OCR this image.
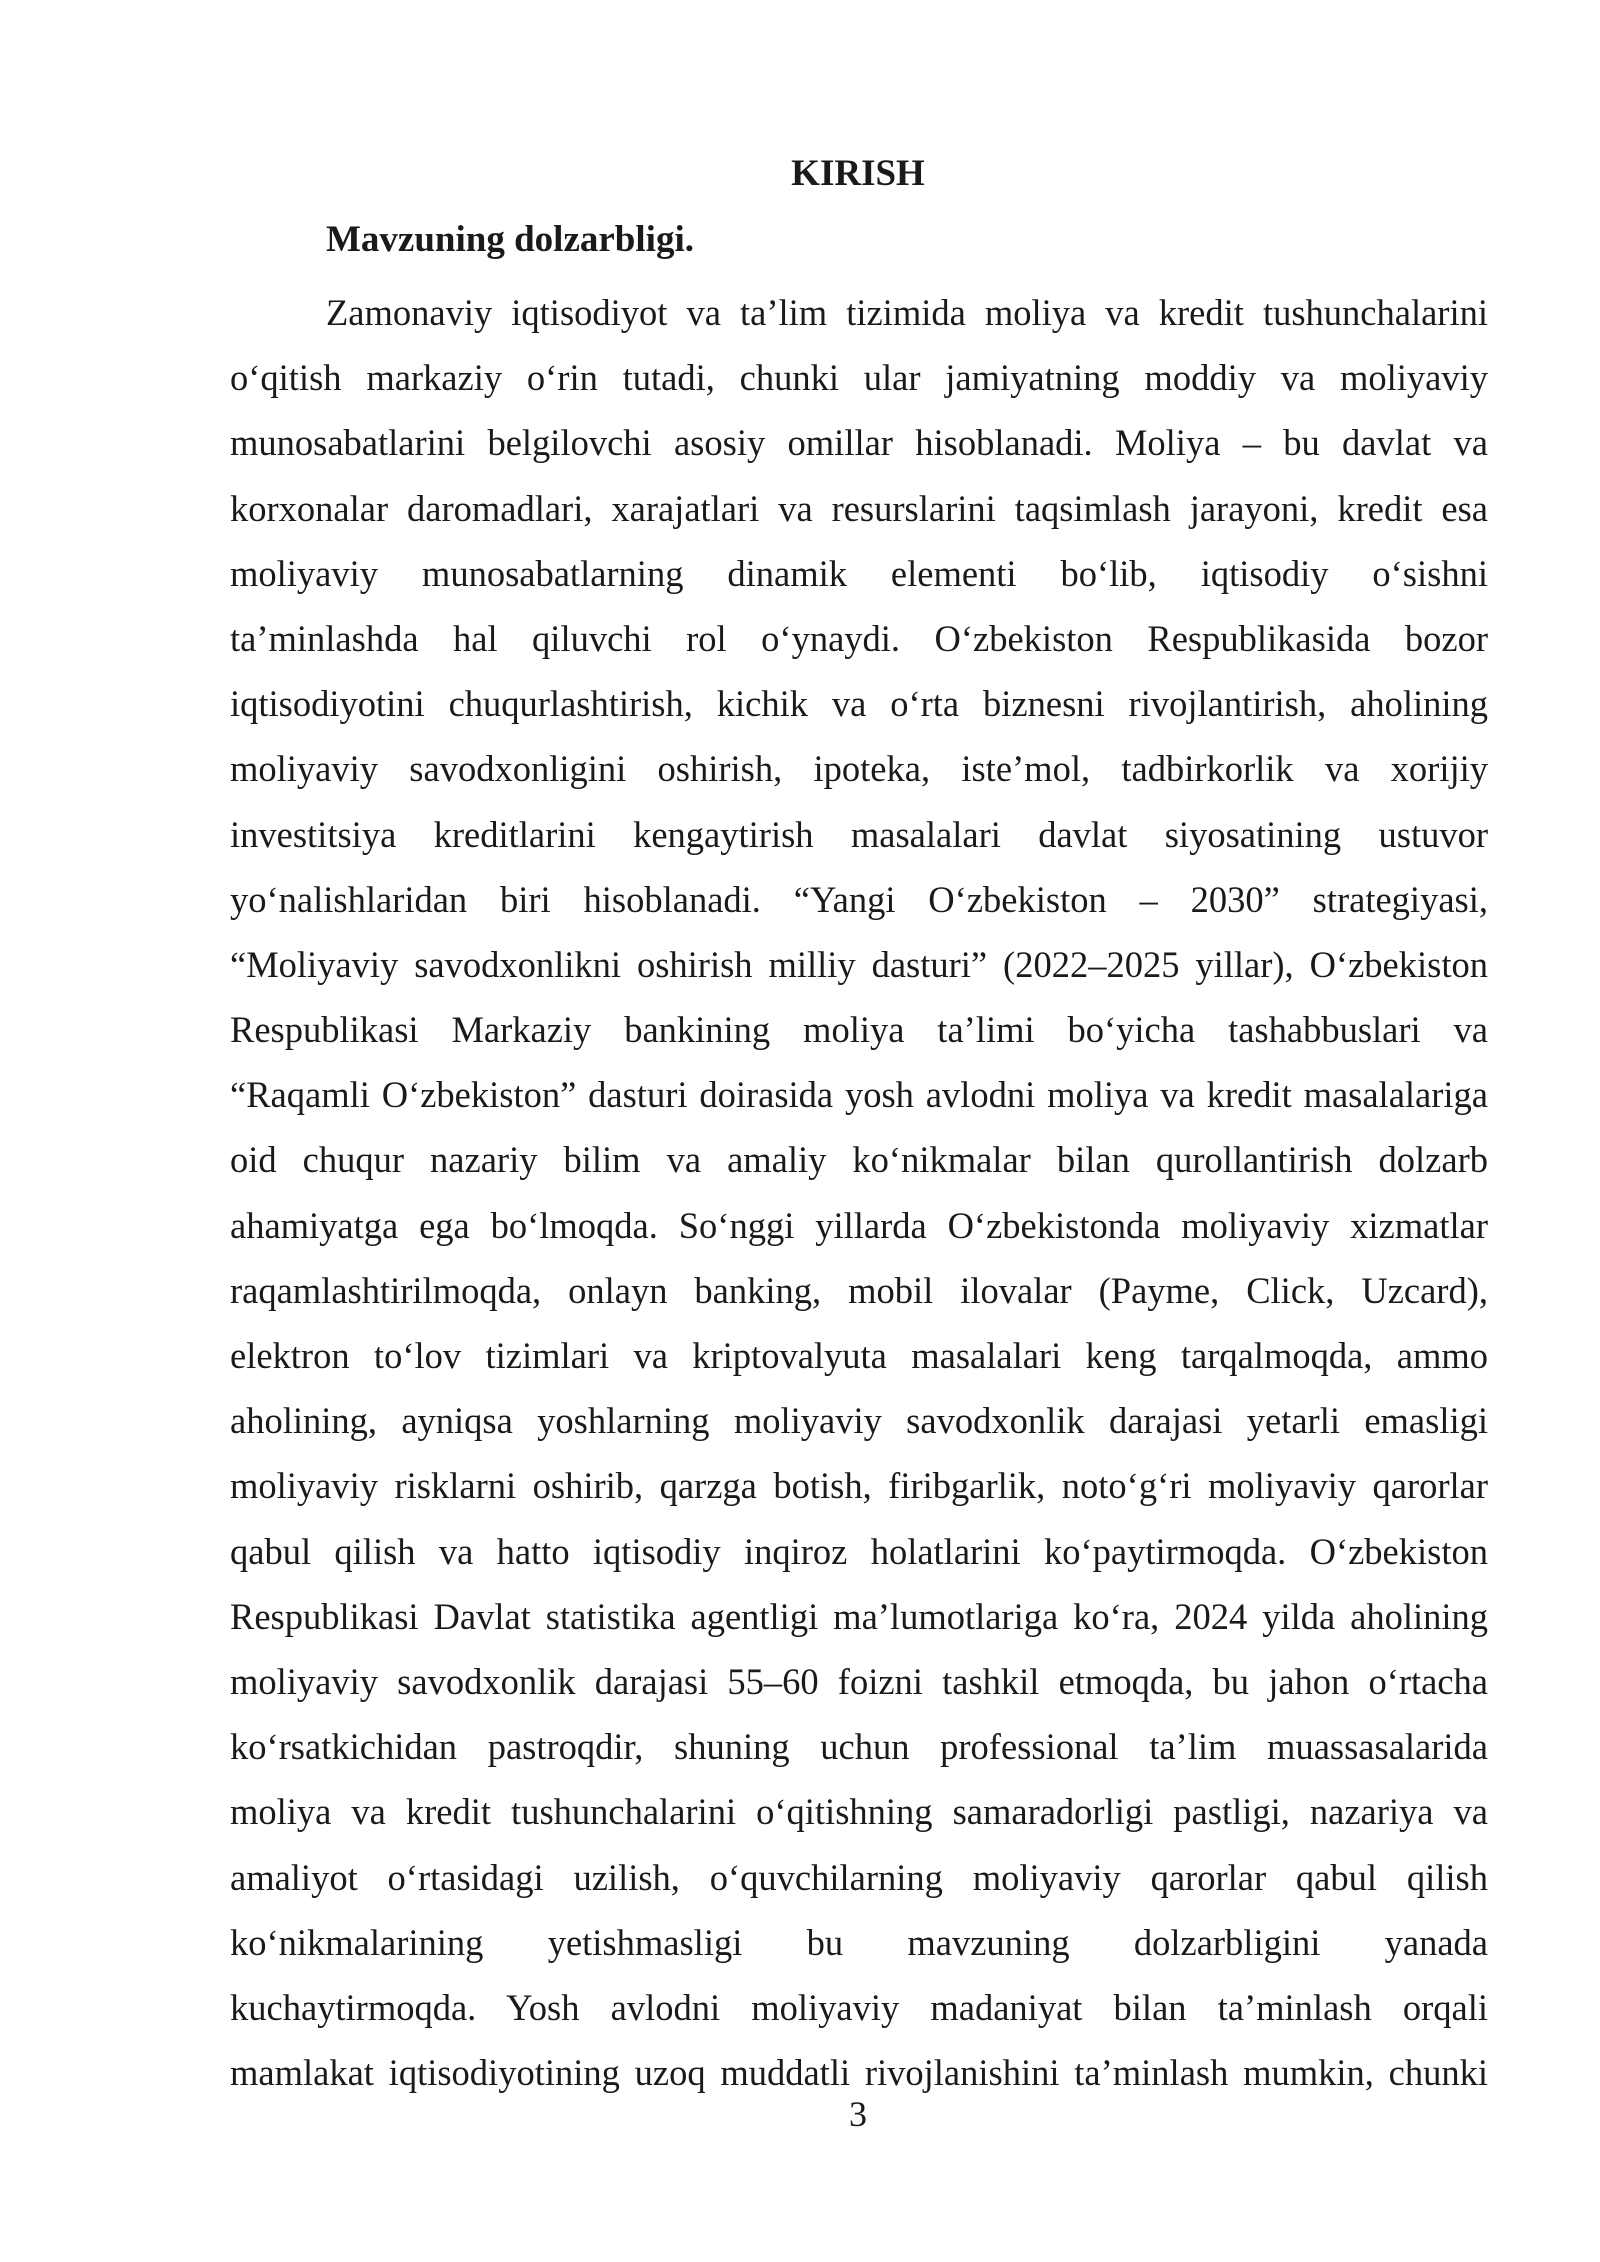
KIRISH
Mavzuning dolzarbligi.
Zamonaviy iqtisodiyot va ta’lim tizimida moliya va kredit tushunchalarini
o‘qitish markaziy o‘rin tutadi, chunki ular jamiyatning moddiy va moliyaviy
munosabatlarini belgilovchi asosiy omillar hisoblanadi. Moliya – bu davlat va
korxonalar daromadlari, xarajatlari va resurslarini taqsimlash jarayoni, kredit esa
moliyaviy munosabatlarning dinamik elementi bo‘lib, iqtisodiy o‘sishni
ta’minlashda hal qiluvchi rol o‘ynaydi. O‘zbekiston Respublikasida bozor
iqtisodiyotini chuqurlashtirish, kichik va o‘rta biznesni rivojlantirish, aholining
moliyaviy savodxonligini oshirish, ipoteka, iste’mol, tadbirkorlik va xorijiy
investitsiya kreditlarini kengaytirish masalalari davlat siyosatining ustuvor
yo‘nalishlaridan biri hisoblanadi. “Yangi O‘zbekiston – 2030” strategiyasi,
“Moliyaviy savodxonlikni oshirish milliy dasturi” (2022–2025 yillar), O‘zbekiston
Respublikasi Markaziy bankining moliya ta’limi bo‘yicha tashabbuslari va
“Raqamli O‘zbekiston” dasturi doirasida yosh avlodni moliya va kredit masalalariga
oid chuqur nazariy bilim va amaliy ko‘nikmalar bilan qurollantirish dolzarb
ahamiyatga ega bo‘lmoqda. So‘nggi yillarda O‘zbekistonda moliyaviy xizmatlar
raqamlashtirilmoqda, onlayn banking, mobil ilovalar (Payme, Click, Uzcard),
elektron to‘lov tizimlari va kriptovalyuta masalalari keng tarqalmoqda, ammo
aholining, ayniqsa yoshlarning moliyaviy savodxonlik darajasi yetarli emasligi
moliyaviy risklarni oshirib, qarzga botish, firibgarlik, noto‘g‘ri moliyaviy qarorlar
qabul qilish va hatto iqtisodiy inqiroz holatlarini ko‘paytirmoqda. O‘zbekiston
Respublikasi Davlat statistika agentligi ma’lumotlariga ko‘ra, 2024 yilda aholining
moliyaviy savodxonlik darajasi 55–60 foizni tashkil etmoqda, bu jahon o‘rtacha
ko‘rsatkichidan pastroqdir, shuning uchun professional ta’lim muassasalarida
moliya va kredit tushunchalarini o‘qitishning samaradorligi pastligi, nazariya va
amaliyot o‘rtasidagi uzilish, o‘quvchilarning moliyaviy qarorlar qabul qilish
ko‘nikmalarining yetishmasligi bu mavzuning dolzarbligini yanada
kuchaytirmoqda. Yosh avlodni moliyaviy madaniyat bilan ta’minlash orqali
mamlakat iqtisodiyotining uzoq muddatli rivojlanishini ta’minlash mumkin, chunki
3
